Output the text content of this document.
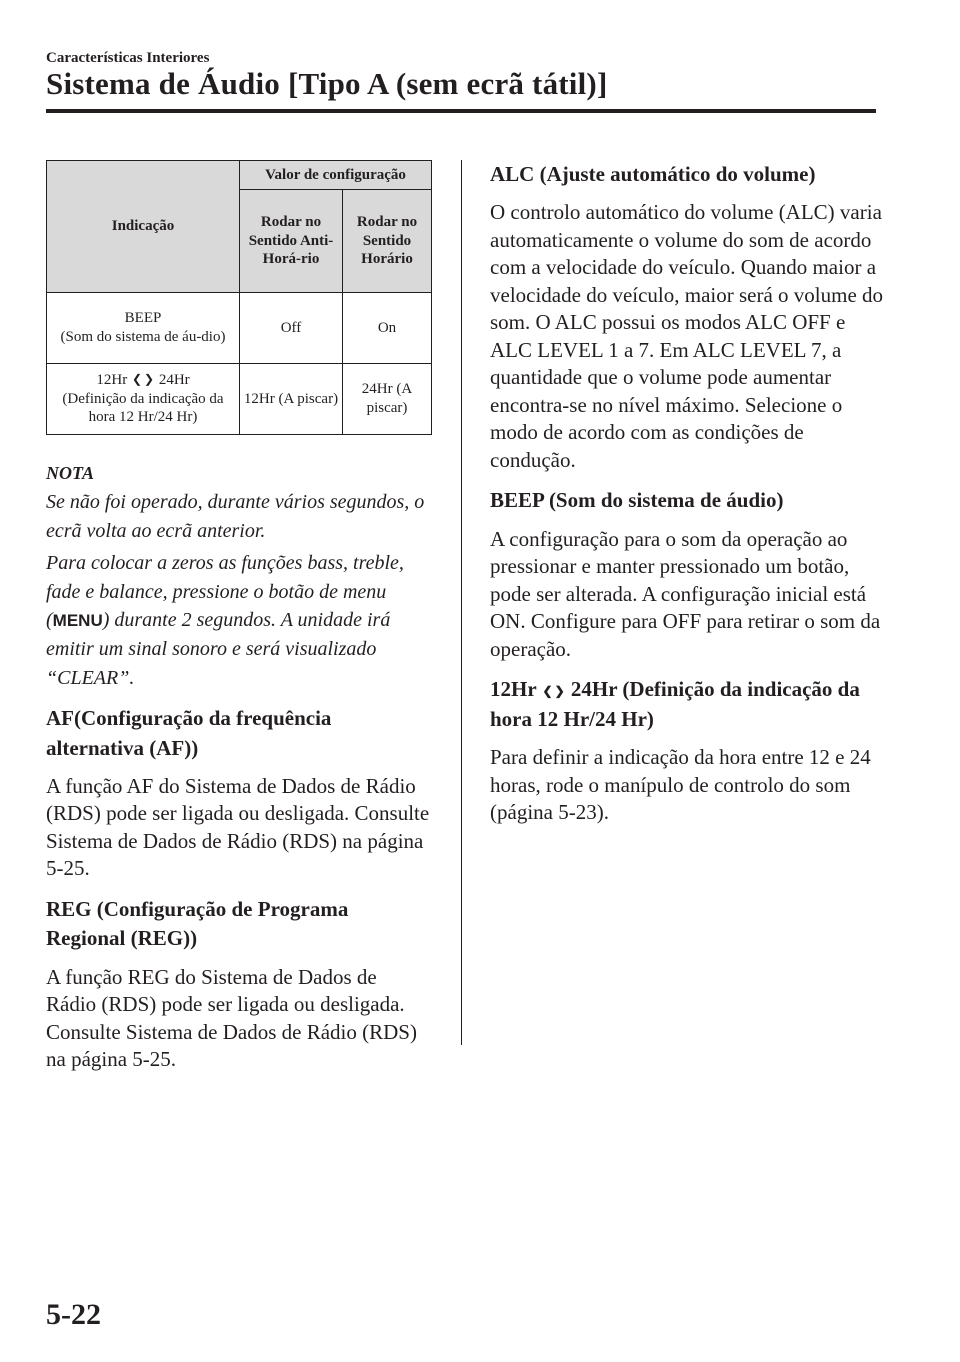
Características Interiores
Sistema de Áudio [Tipo A (sem ecrã tátil)]
Indicação	Valor de configuração	
	Rodar no Sentido Anti-Horá-rio	Rodar no Sentido Horário

BEEP
(Som do sistema de áu-dio)	Off	On

12Hr ❮ ❯ 24Hr
(Definição da indicação da hora 12 Hr/24 Hr)	12Hr (A piscar)	24Hr (A piscar)
NOTA
Se não foi operado, durante vários segundos, o ecrã volta ao ecrã anterior.
Para colocar a zeros as funções bass, treble, fade e balance, pressione o botão de menu (MENU) durante 2 segundos. A unidade irá emitir um sinal sonoro e será visualizado “CLEAR”.
AF(Configuração da frequência alternativa (AF))

A função AF do Sistema de Dados de Rádio (RDS) pode ser ligada ou desligada. Consulte Sistema de Dados de Rádio (RDS) na página 5-25.

REG (Configuração de Programa Regional (REG))

A função REG do Sistema de Dados de Rádio (RDS) pode ser ligada ou desligada. Consulte Sistema de Dados de Rádio (RDS) na página 5-25.

ALC (Ajuste automático do volume)

O controlo automático do volume (ALC) varia automaticamente o volume do som de acordo com a velocidade do veículo. Quando maior a velocidade do veículo, maior será o volume do som. O ALC possui os modos ALC OFF e ALC LEVEL 1 a 7. Em ALC LEVEL 7, a quantidade que o volume pode aumentar encontra-se no nível máximo. Selecione o modo de acordo com as condições de condução.

BEEP (Som do sistema de áudio)

A configuração para o som da operação ao pressionar e manter pressionado um botão, pode ser alterada. A configuração inicial está ON. Configure para OFF para retirar o som da operação.

12Hr ❮ ❯ 24Hr (Definição da indicação da hora 12 Hr/24 Hr)

Para definir a indicação da hora entre 12 e 24 horas, rode o manípulo de controlo do som (página 5-23).

5-22
